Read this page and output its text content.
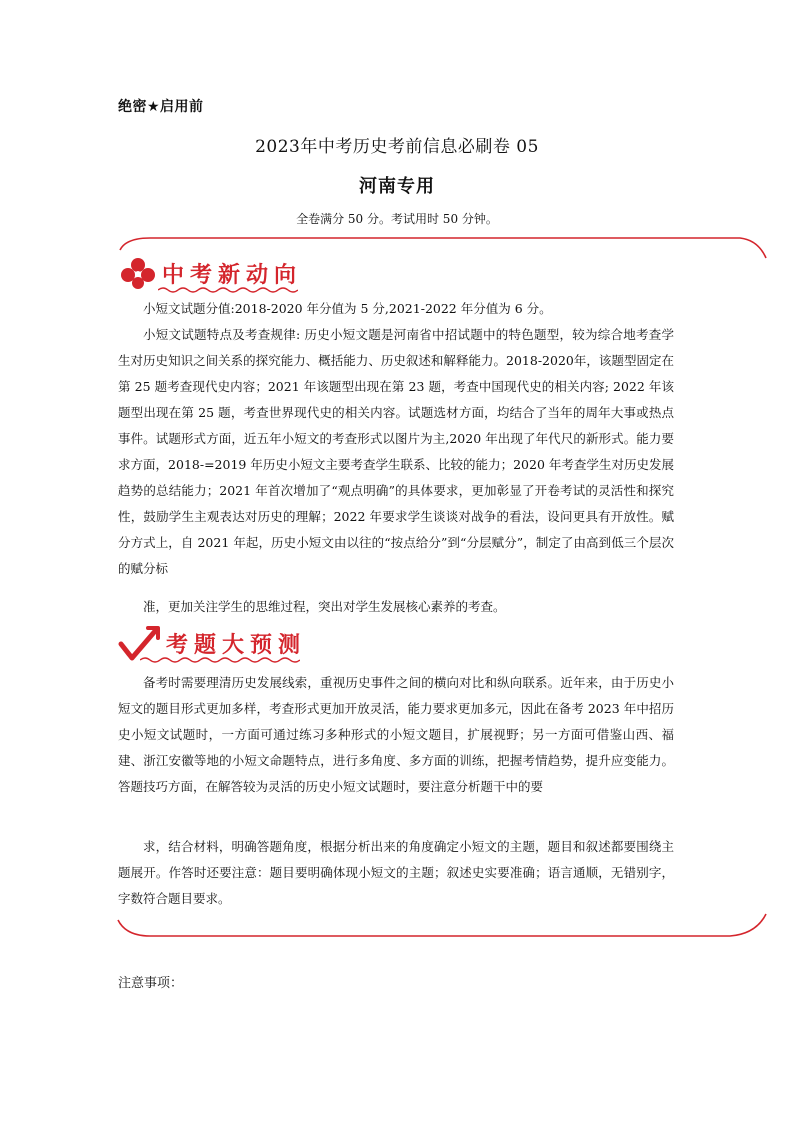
绝密★启用前
2023年中考历史考前信息必刷卷 05
河南专用
全卷满分 50 分。考试用时 50 分钟。
中考新动向

小短文试题分值:2018-2020 年分值为 5 分,2021-2022 年分值为 6 分。

小短文试题特点及考查规律: 历史小短文题是河南省中招试题中的特色题型，较为综合地考查学生对历史知识之间关系的探究能力、概括能力、历史叙述和解释能力。2018-2020年，该题型固定在第 25 题考查现代史内容；2021 年该题型出现在第 23 题，考查中国现代史的相关内容; 2022 年该题型出现在第 25 题，考查世界现代史的相关内容。试题选材方面，均结合了当年的周年大事或热点事件。试题形式方面，近五年小短文的考查形式以图片为主,2020 年出现了年代尺的新形式。能力要求方面，2018-=2019 年历史小短文主要考查学生联系、比较的能力；2020 年考查学生对历史发展趋势的总结能力；2021 年首次增加了“观点明确”的具体要求，更加彰显了开卷考试的灵活性和探究性，鼓励学生主观表达对历史的理解；2022 年要求学生谈谈对战争的看法，设问更具有开放性。赋分方式上，自 2021 年起，历史小短文由以往的“按点给分”到“分层赋分”，制定了由高到低三个层次的赋分标

准，更加关注学生的思维过程，突出对学生发展核心素养的考查。

考题大预测

备考时需要理清历史发展线索，重视历史事件之间的横向对比和纵向联系。近年来，由于历史小短文的题目形式更加多样，考查形式更加开放灵活，能力要求更加多元，因此在备考 2023 年中招历史小短文试题时，一方面可通过练习多种形式的小短文题目，扩展视野；另一方面可借鉴山西、福建、浙江安徽等地的小短文命题特点，进行多角度、多方面的训练，把握考情趋势，提升应变能力。答题技巧方面，在解答较为灵活的历史小短文试题时，要注意分析题干中的要

求，结合材料，明确答题角度，根据分析出来的角度确定小短文的主题，题目和叙述都要围绕主题展开。作答时还要注意：题目要明确体现小短文的主题；叙述史实要准确；语言通顺，无错别字，字数符合题目要求。

注意事项：
